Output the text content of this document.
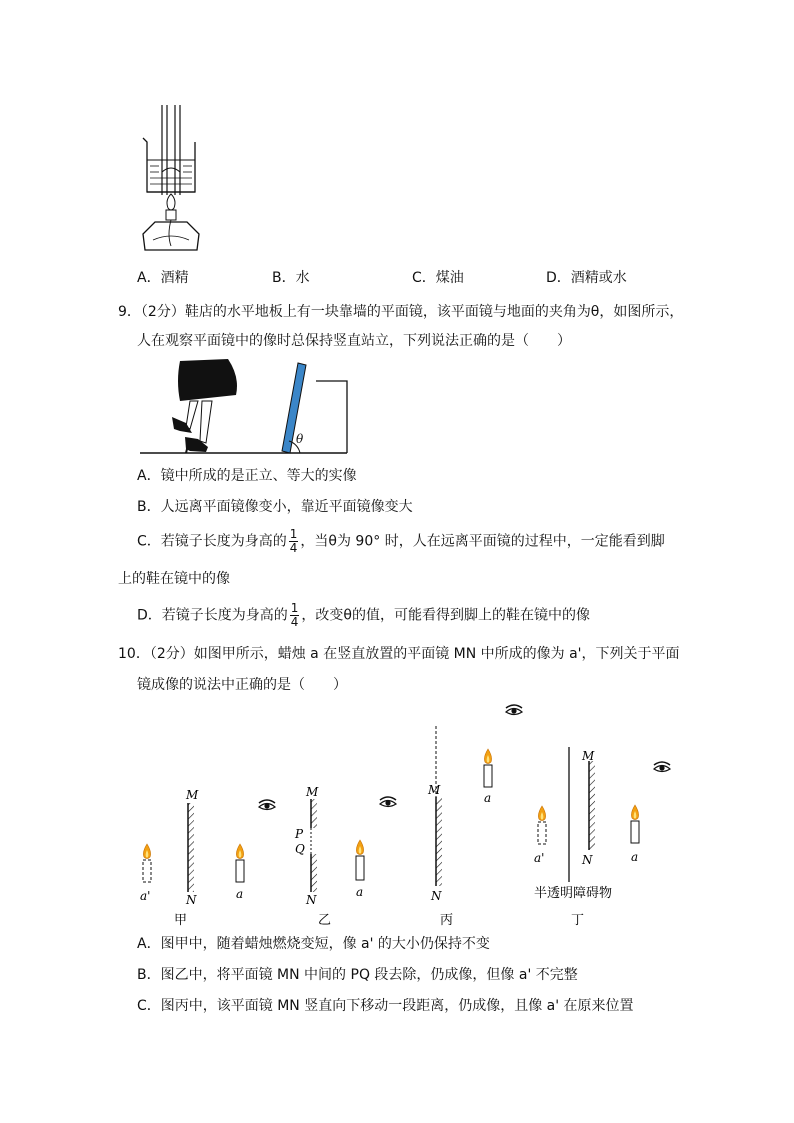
A．酒精	B．水	C．煤油	D．酒精或水
9．（2分）鞋店的水平地板上有一块靠墙的平面镜，该平面镜与地面的夹角为θ，如图所示，
人在观察平面镜中的像时总保持竖直站立，下列说法正确的是（　　）
θ
A．镜中所成的是正立、等大的实像
B．人远离平面镜像变小，靠近平面镜像变大
C．若镜子长度为身高的 $\frac{1}{4}$ ，当θ为 90° 时，人在远离平面镜的过程中，一定能看到脚
上的鞋在镜中的像
D．若镜子长度为身高的 $\frac{1}{4}$ ，改变θ的值，可能看得到脚上的鞋在镜中的像
10．（2分）如图甲所示，蜡烛 a 在竖直放置的平面镜 MN 中所成的像为 a'，下列关于平面
镜成像的说法中正确的是（　　）
M
N
a'	a
甲
M
P
Q
N
a
乙
M
N
a
丙
M
N
a'	a
半透明障碍物
丁
A．图甲中，随着蜡烛燃烧变短，像 a' 的大小仍保持不变
B．图乙中，将平面镜 MN 中间的 PQ 段去除，仍成像，但像 a' 不完整
C．图丙中，该平面镜 MN 竖直向下移动一段距离，仍成像，且像 a' 在原来位置
